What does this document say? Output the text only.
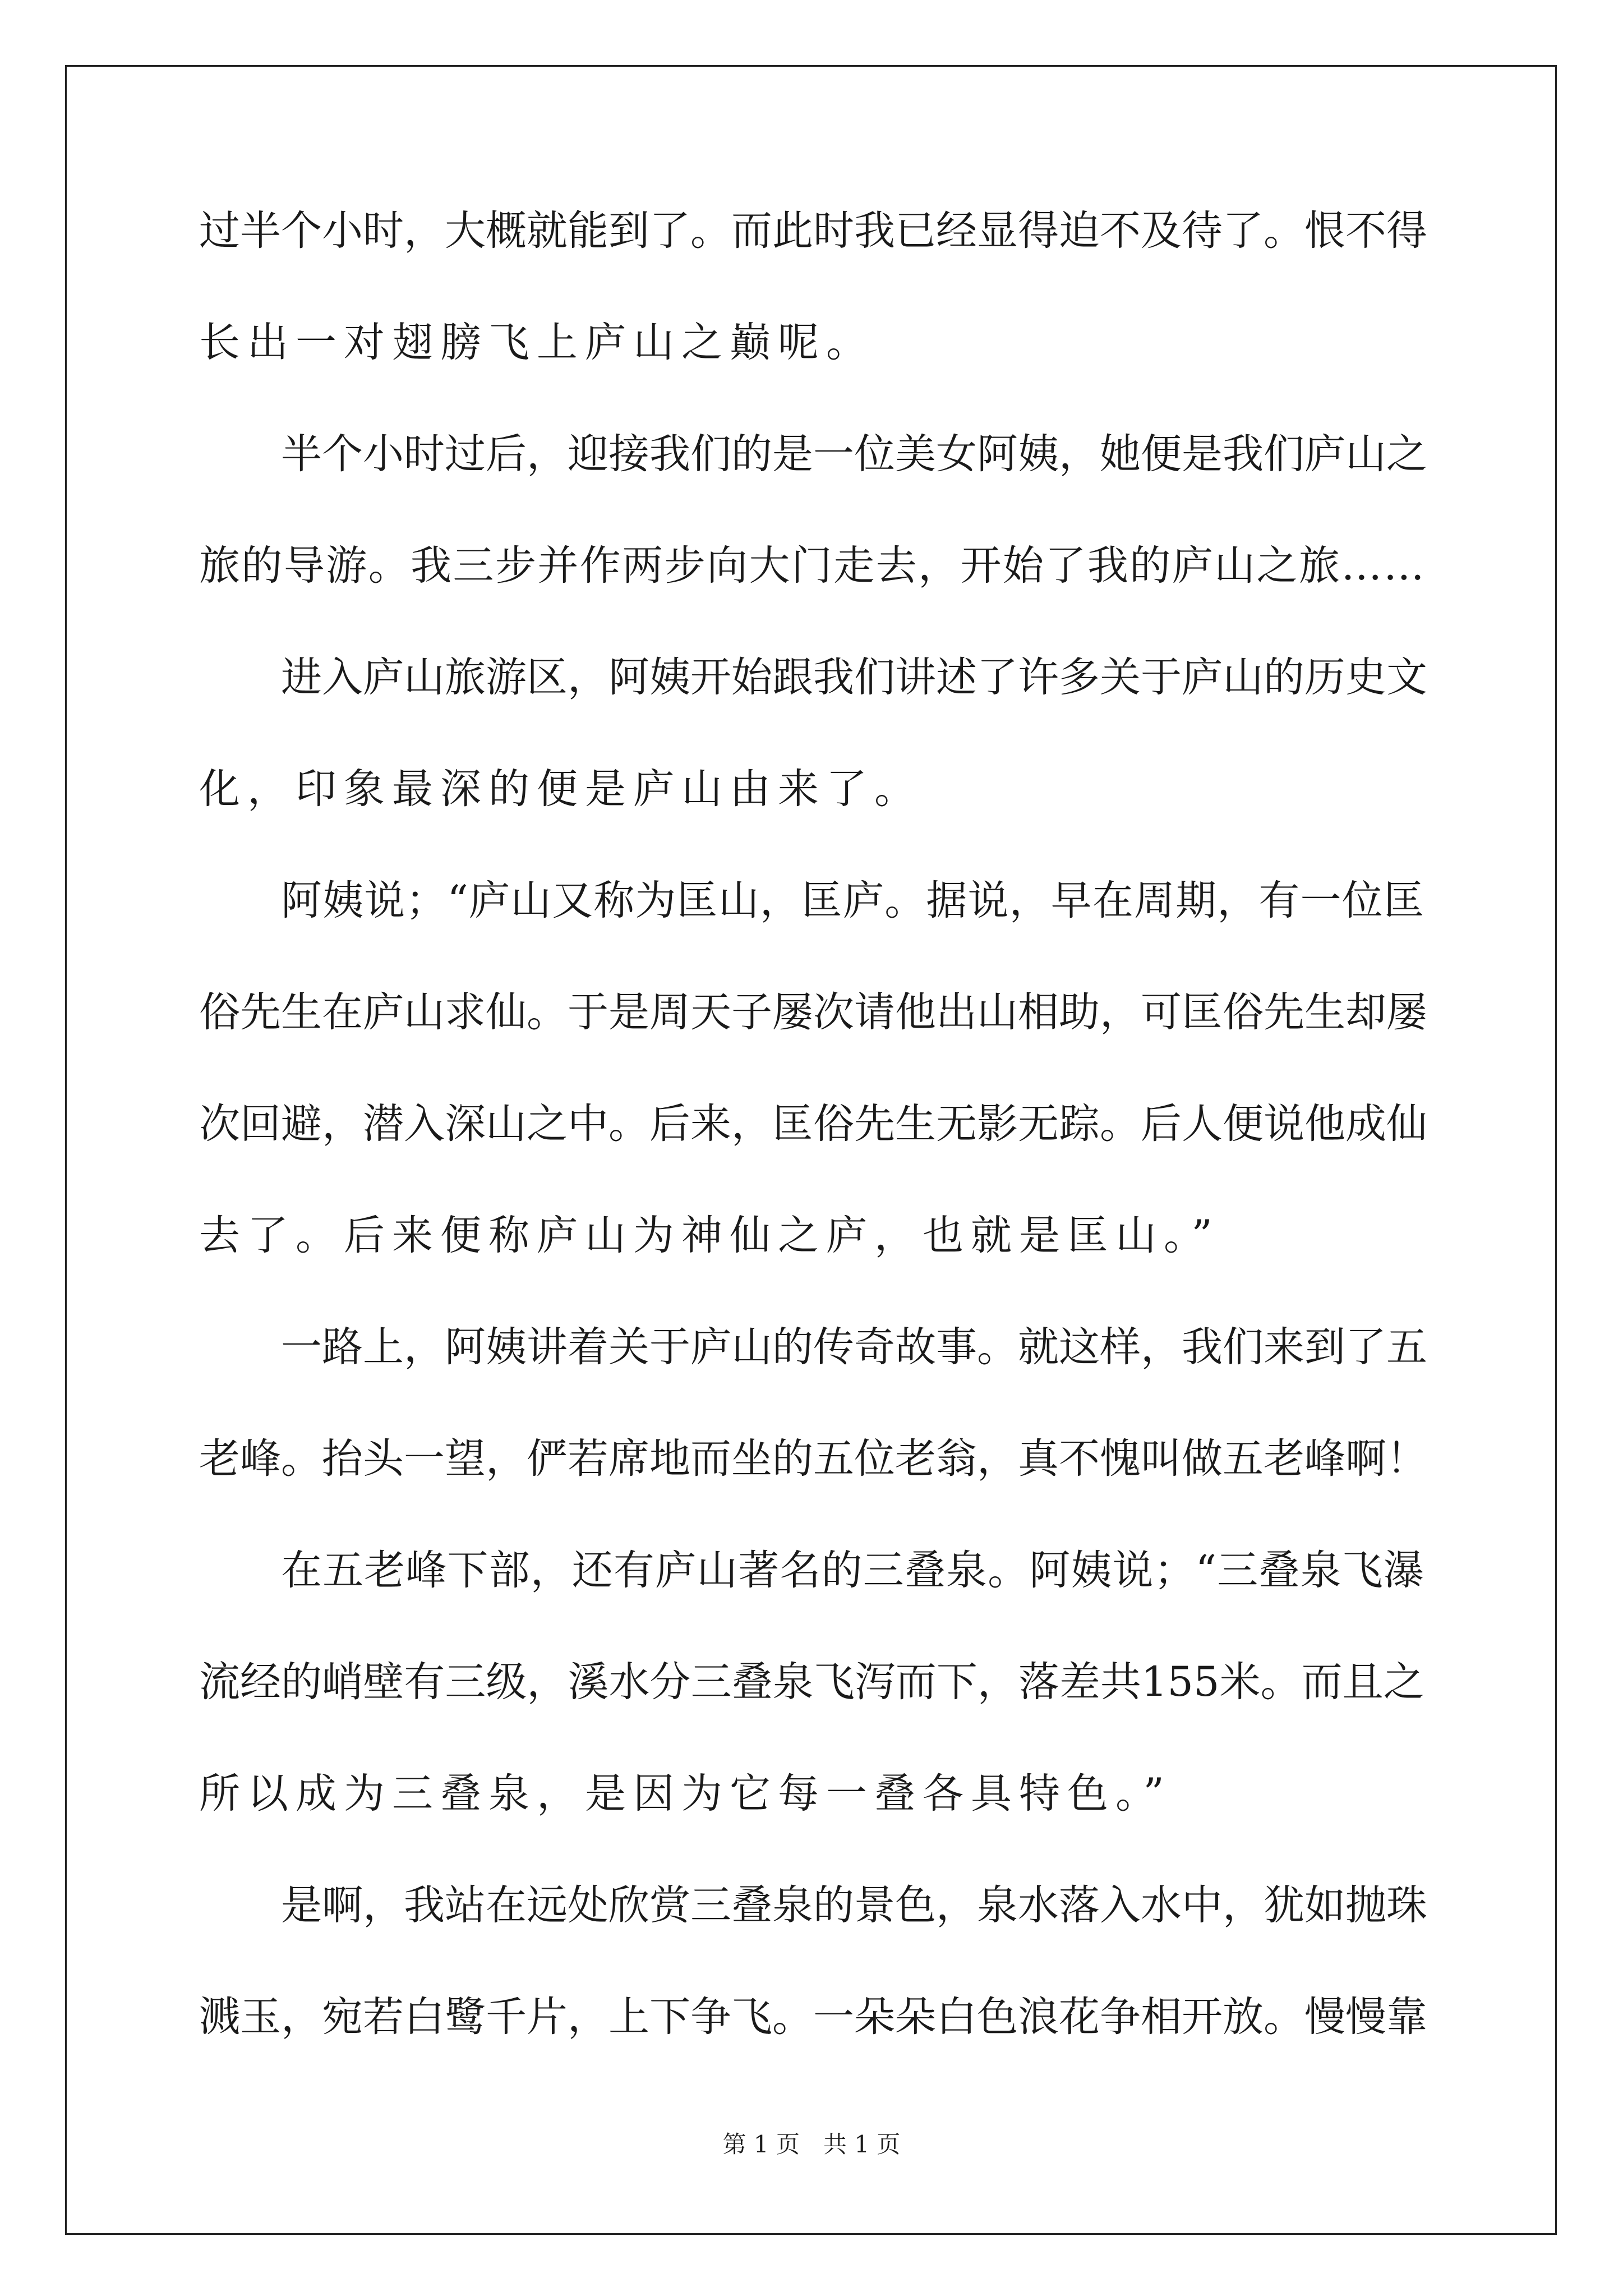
过 半 个 小 时 ， 大 概 就 能 到 了 。 而 此 时 我 已 经 显 得 迫 不 及 待 了 。 恨 不 得
长出一对翅膀飞上庐山之巅呢。
半 个 小 时 过 后 ， 迎 接 我 们 的 是 一 位 美 女 阿 姨 ， 她 便 是 我 们 庐 山 之
旅 的 导 游 。 我 三 步 并 作 两 步 向 大 门 走 去 ， 开 始 了 我 的 庐 山 之 旅 … …
进 入 庐 山 旅 游 区 ， 阿 姨 开 始 跟 我 们 讲 述 了 许 多 关 于 庐 山 的 历 史 文
化，印象最深的便是庐山由来了。
阿 姨 说 ； “ 庐 山 又 称 为 匡 山 ， 匡 庐 。 据 说 ， 早 在 周 期 ， 有 一 位 匡
俗 先 生 在 庐 山 求 仙 。 于 是 周 天 子 屡 次 请 他 出 山 相 助 ， 可 匡 俗 先 生 却 屡
次 回 避 ， 潜 入 深 山 之 中 。 后 来 ， 匡 俗 先 生 无 影 无 踪 。 后 人 便 说 他 成 仙
去了。后来便称庐山为神仙之庐，也就是匡山。”
一 路 上 ， 阿 姨 讲 着 关 于 庐 山 的 传 奇 故 事 。 就 这 样 ， 我 们 来 到 了 五
老 峰 。 抬 头 一 望 ， 俨 若 席 地 而 坐 的 五 位 老 翁 ， 真 不 愧 叫 做 五 老 峰 啊 ！
在 五 老 峰 下 部 ， 还 有 庐 山 著 名 的 三 叠 泉 。 阿 姨 说 ； “ 三 叠 泉 飞 瀑
流 经 的 峭 壁 有 三 级 ， 溪 水 分 三 叠 泉 飞 泻 而 下 ， 落 差 共 155 米 。 而 且 之
所以成为三叠泉，是因为它每一叠各具特色。”
是 啊 ， 我 站 在 远 处 欣 赏 三 叠 泉 的 景 色 ， 泉 水 落 入 水 中 ， 犹 如 抛 珠
溅 玉 ， 宛 若 白 鹭 千 片 ， 上 下 争 飞 。 一 朵 朵 白 色 浪 花 争 相 开 放 。 慢 慢 靠
第 1 页　共 1 页
